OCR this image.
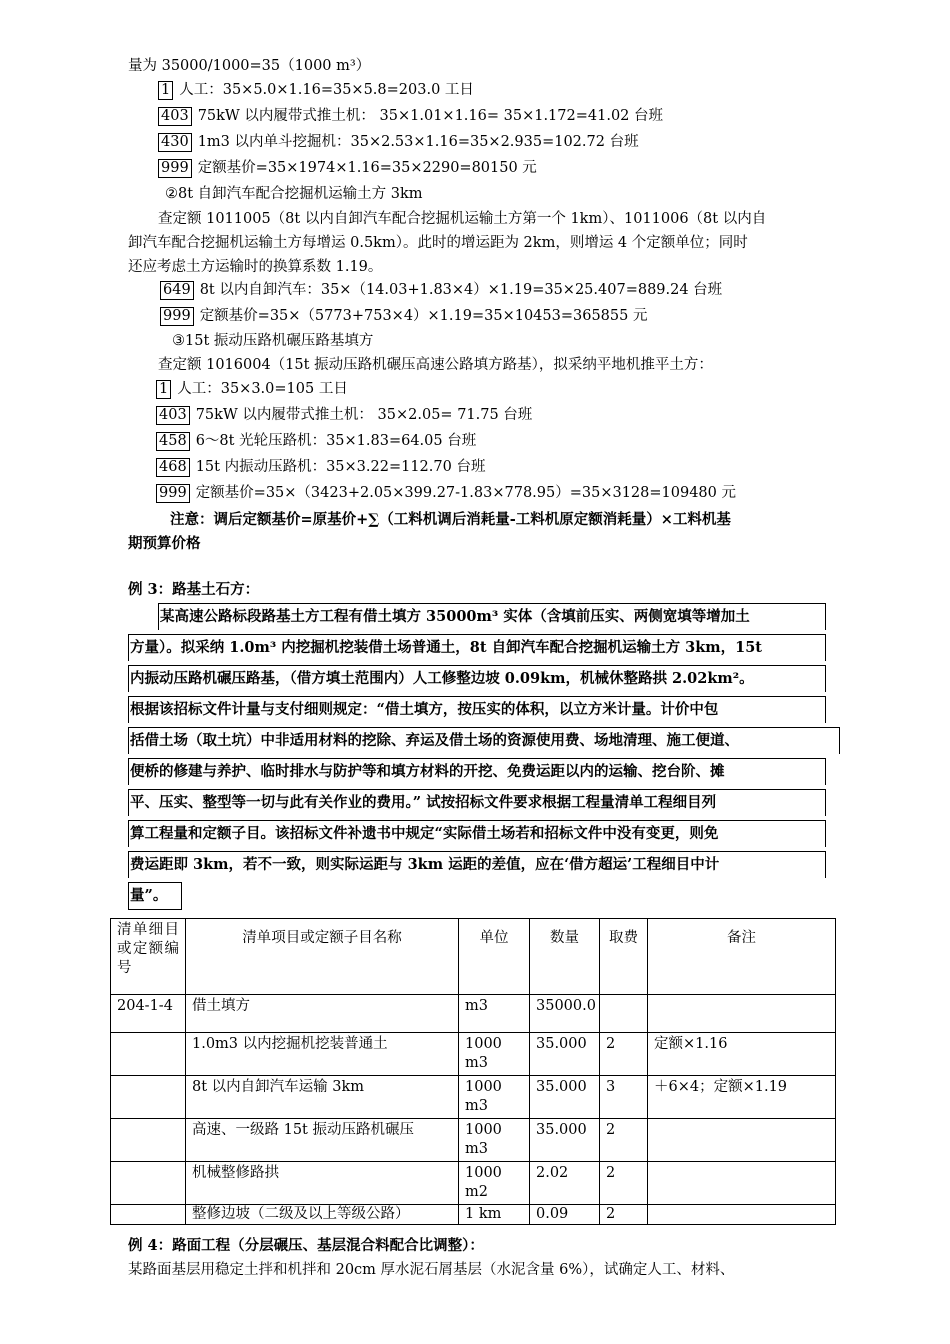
量为 35000/1000=35（1000 m³）
1 人工：35×5.0×1.16=35×5.8=203.0 工日
403 75kW 以内履带式推土机： 35×1.01×1.16= 35×1.172=41.02 台班
430 1m3 以内单斗挖掘机：35×2.53×1.16=35×2.935=102.72 台班
999 定额基价=35×1974×1.16=35×2290=80150 元
②8t 自卸汽车配合挖掘机运输土方 3km
查定额 1011005（8t 以内自卸汽车配合挖掘机运输土方第一个 1km）、1011006（8t 以内自
卸汽车配合挖掘机运输土方每增运 0.5km）。此时的增运距为 2km，则增运 4 个定额单位；同时
还应考虑土方运输时的换算系数 1.19。
649 8t 以内自卸汽车：35×（14.03+1.83×4）×1.19=35×25.407=889.24 台班
999 定额基价=35×（5773+753×4）×1.19=35×10453=365855 元
③15t 振动压路机碾压路基填方
查定额 1016004（15t 振动压路机碾压高速公路填方路基），拟采纳平地机推平土方：
1 人工：35×3.0=105 工日
403 75kW 以内履带式推土机： 35×2.05= 71.75 台班
458 6～8t 光轮压路机：35×1.83=64.05 台班
468 15t 内振动压路机：35×3.22=112.70 台班
999 定额基价=35×（3423+2.05×399.27-1.83×778.95）=35×3128=109480 元
注意：调后定额基价=原基价+∑（工料机调后消耗量-工料机原定额消耗量）×工料机基
期预算价格
例 3：路基土石方：
某高速公路标段路基土方工程有借土填方 35000m³ 实体（含填前压实、两侧宽填等增加土
方量）。拟采纳 1.0m³ 内挖掘机挖装借土场普通土，8t 自卸汽车配合挖掘机运输土方 3km，15t
内振动压路机碾压路基，（借方填土范围内）人工修整边坡 0.09km，机械休整路拱 2.02km²。
根据该招标文件计量与支付细则规定：“借土填方，按压实的体积，以立方米计量。计价中包
括借土场（取土坑）中非适用材料的挖除、弃运及借土场的资源使用费、场地清理、施工便道、
便桥的修建与养护、临时排水与防护等和填方材料的开挖、免费运距以内的运输、挖台阶、摊
平、压实、整型等一切与此有关作业的费用。” 试按招标文件要求根据工程量清单工程细目列
算工程量和定额子目。该招标文件补遗书中规定“实际借土场若和招标文件中没有变更，则免
费运距即 3km，若不一致，则实际运距与 3km 运距的差值，应在‘借方超运’工程细目中计
量”。
清单细目或定额编号	清单项目或定额子目名称	单位	数量	取费	备注
204-1-4	借土填方	m3	35000.0		
	1.0m3 以内挖掘机挖装普通土	1000 m3	35.000	2	定额×1.16
	8t 以内自卸汽车运输 3km	1000 m3	35.000	3	＋6×4；定额×1.19
	高速、一级路 15t 振动压路机碾压	1000 m3	35.000	2	
	机械整修路拱	1000 m2	2.02	2	
	整修边坡（二级及以上等级公路）	1 km	0.09	2	
例 4：路面工程（分层碾压、基层混合料配合比调整）：
某路面基层用稳定土拌和机拌和 20cm 厚水泥石屑基层（水泥含量 6%），试确定人工、材料、
